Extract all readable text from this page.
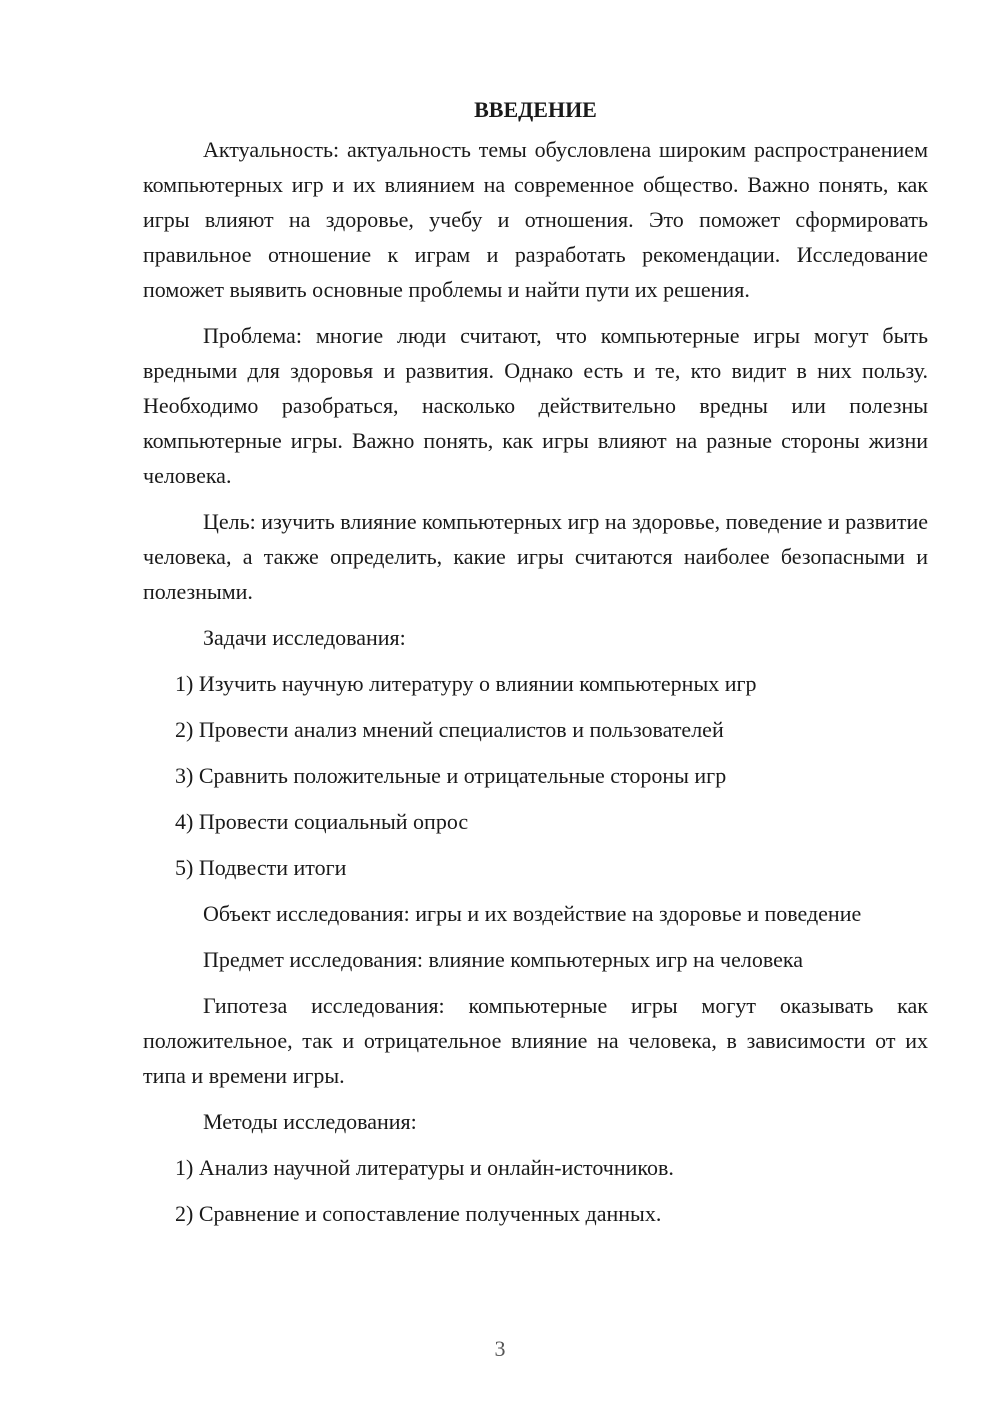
ВВЕДЕНИЕ

Актуальность: актуальность темы обусловлена широким распространением компьютерных игр и их влиянием на современное общество. Важно понять, как игры влияют на здоровье, учебу и отношения. Это поможет сформировать правильное отношение к играм и разработать рекомендации. Исследование поможет выявить основные проблемы и найти пути их решения.

Проблема: многие люди считают, что компьютерные игры могут быть вредными для здоровья и развития. Однако есть и те, кто видит в них пользу. Необходимо разобраться, насколько действительно вредны или полезны компьютерные игры. Важно понять, как игры влияют на разные стороны жизни человека.

Цель: изучить влияние компьютерных игр на здоровье, поведение и развитие человека, а также определить, какие игры считаются наиболее безопасными и полезными.

Задачи исследования:

1) Изучить научную литературу о влиянии компьютерных игр
2) Провести анализ мнений специалистов и пользователей
3) Сравнить положительные и отрицательные стороны игр
4) Провести социальный опрос
5) Подвести итоги

Объект исследования: игры и их воздействие на здоровье и поведение

Предмет исследования: влияние компьютерных игр на человека

Гипотеза исследования: компьютерные игры могут оказывать как положительное, так и отрицательное влияние на человека, в зависимости от их типа и времени игры.

Методы исследования:

1) Анализ научной литературы и онлайн-источников.
2) Сравнение и сопоставление полученных данных.
3
